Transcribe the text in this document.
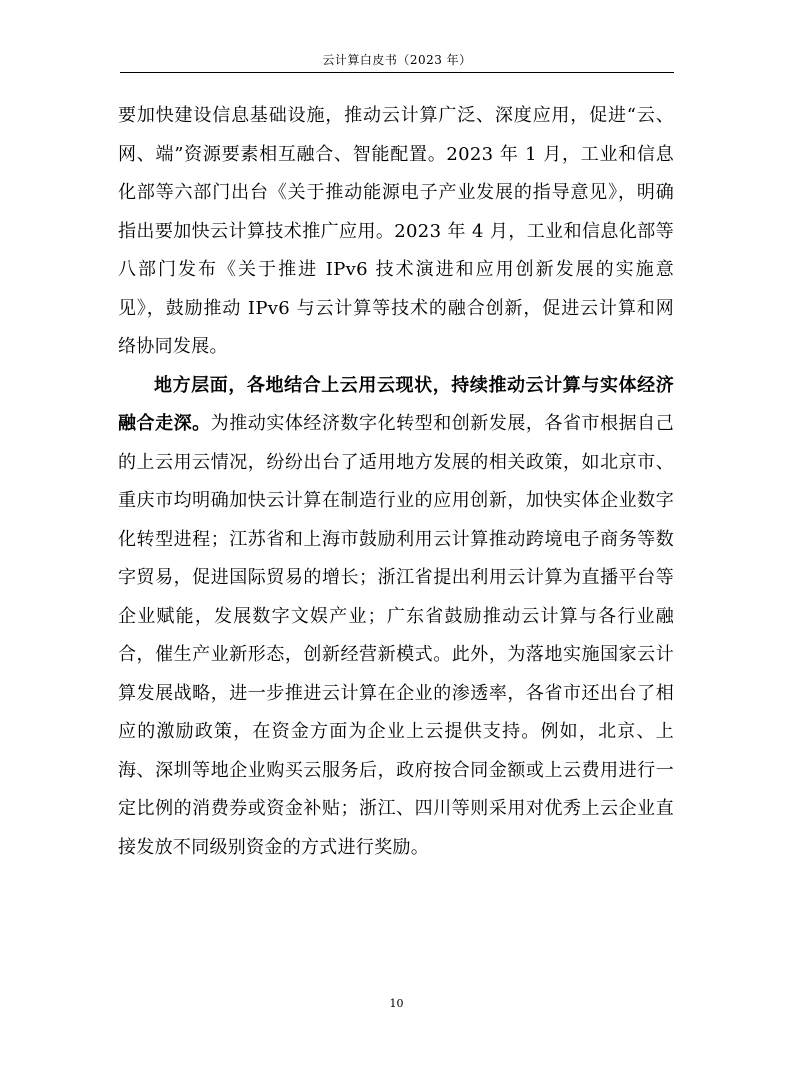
云计算白皮书（2023 年）

要加快建设信息基础设施，推动云计算广泛、深度应用，促进“云、网、端”资源要素相互融合、智能配置。2023 年 1 月，工业和信息化部等六部门出台《关于推动能源电子产业发展的指导意见》，明确指出要加快云计算技术推广应用。2023 年 4 月，工业和信息化部等八部门发布《关于推进 IPv6 技术演进和应用创新发展的实施意见》，鼓励推动 IPv6 与云计算等技术的融合创新，促进云计算和网络协同发展。

地方层面，各地结合上云用云现状，持续推动云计算与实体经济融合走深。为推动实体经济数字化转型和创新发展，各省市根据自己的上云用云情况，纷纷出台了适用地方发展的相关政策，如北京市、重庆市均明确加快云计算在制造行业的应用创新，加快实体企业数字化转型进程；江苏省和上海市鼓励利用云计算推动跨境电子商务等数字贸易，促进国际贸易的增长；浙江省提出利用云计算为直播平台等企业赋能，发展数字文娱产业；广东省鼓励推动云计算与各行业融合，催生产业新形态，创新经营新模式。此外，为落地实施国家云计算发展战略，进一步推进云计算在企业的渗透率，各省市还出台了相应的激励政策，在资金方面为企业上云提供支持。例如，北京、上海、深圳等地企业购买云服务后，政府按合同金额或上云费用进行一定比例的消费券或资金补贴；浙江、四川等则采用对优秀上云企业直接发放不同级别资金的方式进行奖励。

10
